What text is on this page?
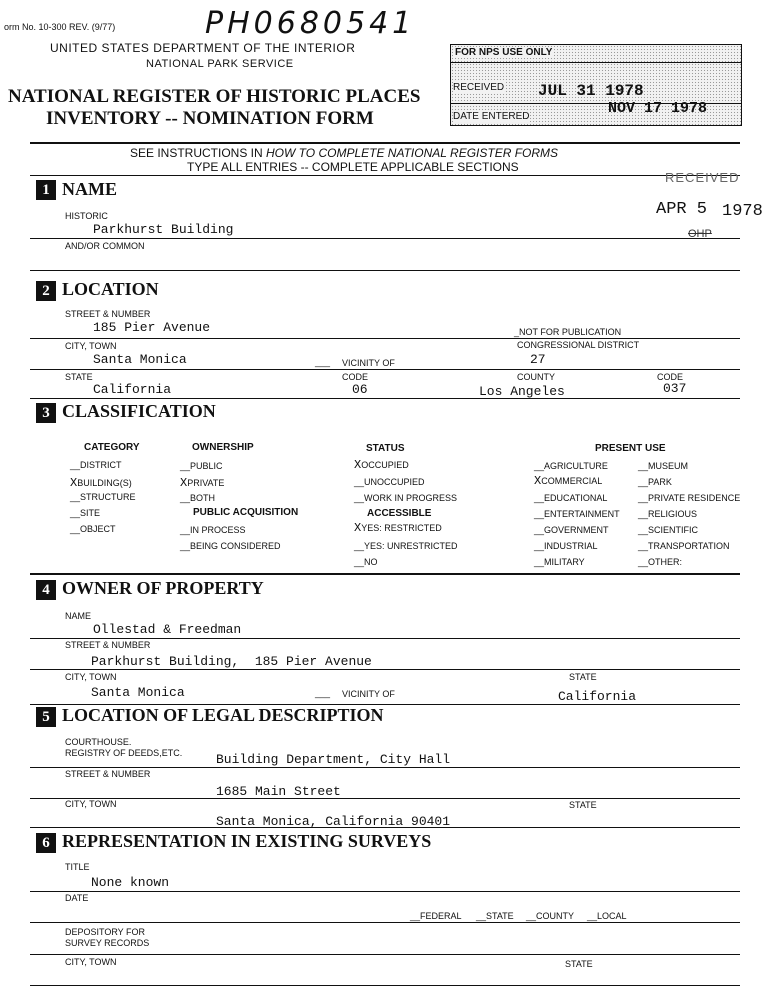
orm No. 10-300 REV. (9/77)	PH0680541
UNITED STATES DEPARTMENT OF THE INTERIOR
NATIONAL PARK SERVICE
NATIONAL REGISTER OF HISTORIC PLACES
INVENTORY -- NOMINATION FORM
FOR NPS USE ONLY
RECEIVED JUL 31 1978
DATE ENTERED	NOV 17 1978
SEE INSTRUCTIONS IN HOW TO COMPLETE NATIONAL REGISTER FORMS
TYPE ALL ENTRIES -- COMPLETE APPLICABLE SECTIONS
RECEIVED
APR 5 1978
OHP
1 NAME
HISTORIC
Parkhurst Building
AND/OR COMMON
2 LOCATION
STREET & NUMBER
185 Pier Avenue	_NOT FOR PUBLICATION
CITY, TOWN	CONGRESSIONAL DISTRICT
Santa Monica	___ VICINITY OF	27
STATE	CODE	COUNTY	CODE
California	06	Los Angeles	037
3 CLASSIFICATION
CATEGORY
__DISTRICT
XBUILDING(S)
__STRUCTURE
__SITE
__OBJECT
OWNERSHIP
__PUBLIC
XPRIVATE
__BOTH
PUBLIC ACQUISITION
__IN PROCESS
__BEING CONSIDERED
STATUS
XOCCUPIED
__UNOCCUPIED
__WORK IN PROGRESS
ACCESSIBLE
XYES: RESTRICTED
__YES: UNRESTRICTED
__NO
PRESENT USE
__AGRICULTURE
XCOMMERCIAL
__EDUCATIONAL
__ENTERTAINMENT
__GOVERNMENT
__INDUSTRIAL
__MILITARY
__MUSEUM
__PARK
__PRIVATE RESIDENCE
__RELIGIOUS
__SCIENTIFIC
__TRANSPORTATION
__OTHER:
4 OWNER OF PROPERTY
NAME
Ollestad & Freedman
STREET & NUMBER
Parkhurst Building,  185 Pier Avenue
CITY, TOWN	STATE
Santa Monica	___ VICINITY OF	California
5 LOCATION OF LEGAL DESCRIPTION
COURTHOUSE.
REGISTRY OF DEEDS,ETC.	Building Department, City Hall
STREET & NUMBER
1685 Main Street
CITY, TOWN	STATE
Santa Monica, California 90401
6 REPRESENTATION IN EXISTING SURVEYS
TITLE
None known
DATE
__FEDERAL __STATE __COUNTY __LOCAL
DEPOSITORY FOR
SURVEY RECORDS
CITY, TOWN	STATE
